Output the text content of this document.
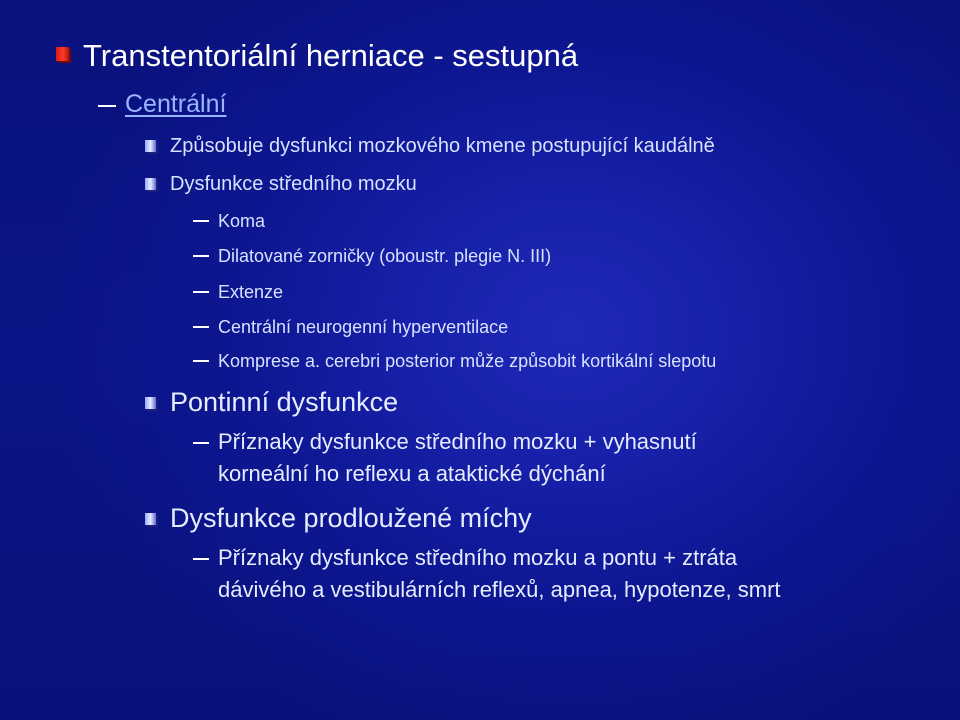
Transtentoriální herniace - sestupná
Centrální
Způsobuje dysfunkci mozkového kmene postupující kaudálně
Dysfunkce středního mozku
Koma
Dilatované zorničky (oboustr. plegie N. III)
Extenze
Centrální neurogenní hyperventilace
Komprese a. cerebri posterior může způsobit kortikální slepotu
Pontinní dysfunkce
Příznaky dysfunkce středního mozku + vyhasnutí
korneální ho reflexu a ataktické dýchání
Dysfunkce prodloužené míchy
Příznaky dysfunkce středního mozku a pontu + ztráta
dávivého a vestibulárních reflexů, apnea, hypotenze, smrt
